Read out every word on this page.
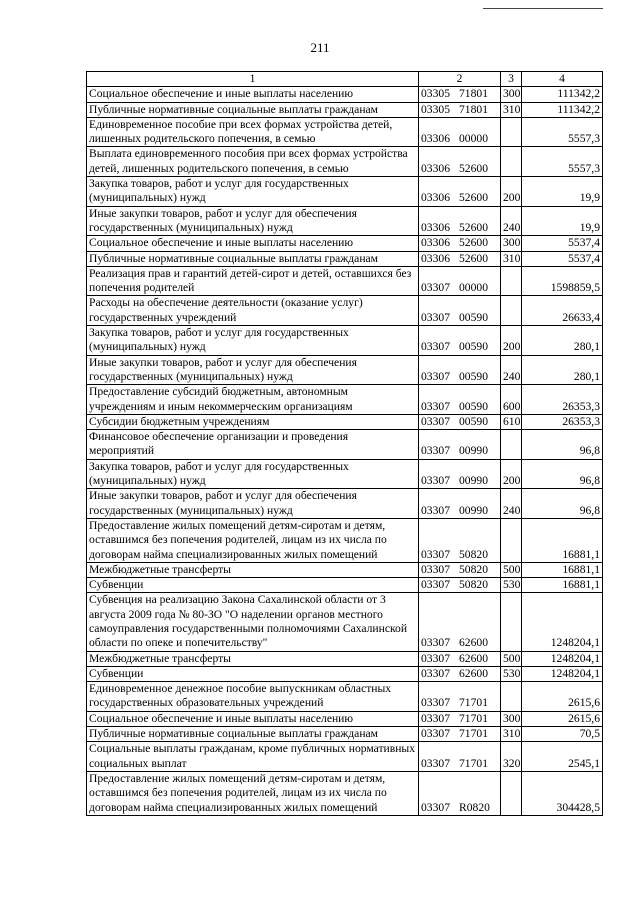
211
1	2	3	4
Социальное обеспечение и иные выплаты населению	03305 71801	300	111342,2
Публичные нормативные социальные выплаты гражданам	03305 71801	310	111342,2
Единовременное пособие при всех формах устройства детей, лишенных родительского попечения, в семью	03306 00000		5557,3
Выплата единовременного пособия при всех формах устройства детей, лишенных родительского попечения, в семью	03306 52600		5557,3
Закупка товаров, работ и услуг для государственных (муниципальных) нужд	03306 52600	200	19,9
Иные закупки товаров, работ и услуг для обеспечения государственных (муниципальных) нужд	03306 52600	240	19,9
Социальное обеспечение и иные выплаты населению	03306 52600	300	5537,4
Публичные нормативные социальные выплаты гражданам	03306 52600	310	5537,4
Реализация прав и гарантий детей-сирот и детей, оставшихся без попечения родителей	03307 00000		1598859,5
Расходы на обеспечение деятельности (оказание услуг) государственных учреждений	03307 00590		26633,4
Закупка товаров, работ и услуг для государственных (муниципальных) нужд	03307 00590	200	280,1
Иные закупки товаров, работ и услуг для обеспечения государственных (муниципальных) нужд	03307 00590	240	280,1
Предоставление субсидий бюджетным, автономным учреждениям и иным некоммерческим организациям	03307 00590	600	26353,3
Субсидии бюджетным учреждениям	03307 00590	610	26353,3
Финансовое обеспечение организации и проведения мероприятий	03307 00990		96,8
Закупка товаров, работ и услуг для государственных (муниципальных) нужд	03307 00990	200	96,8
Иные закупки товаров, работ и услуг для обеспечения государственных (муниципальных) нужд	03307 00990	240	96,8
Предоставление жилых помещений детям-сиротам и детям, оставшимся без попечения родителей, лицам из их числа по договорам найма специализированных жилых помещений	03307 50820		16881,1
Межбюджетные трансферты	03307 50820	500	16881,1
Субвенции	03307 50820	530	16881,1
Субвенция на реализацию Закона Сахалинской области от 3 августа 2009 года № 80-ЗО "О наделении органов местного самоуправления государственными полномочиями Сахалинской области по опеке и попечительству"	03307 62600		1248204,1
Межбюджетные трансферты	03307 62600	500	1248204,1
Субвенции	03307 62600	530	1248204,1
Единовременное денежное пособие выпускникам областных государственных образовательных учреждений	03307 71701		2615,6
Социальное обеспечение и иные выплаты населению	03307 71701	300	2615,6
Публичные нормативные социальные выплаты гражданам	03307 71701	310	70,5
Социальные выплаты гражданам, кроме публичных нормативных социальных выплат	03307 71701	320	2545,1
Предоставление жилых помещений детям-сиротам и детям, оставшимся без попечения родителей, лицам из их числа по договорам найма специализированных жилых помещений	03307 R0820		304428,5
